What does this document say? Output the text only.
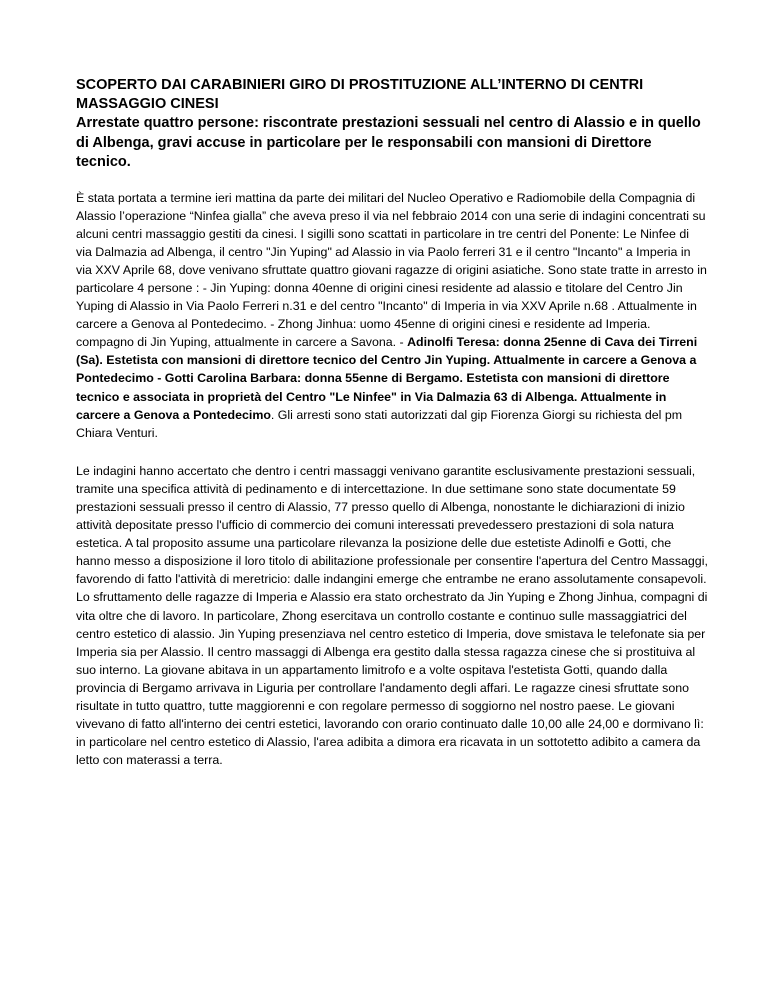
SCOPERTO DAI CARABINIERI GIRO DI PROSTITUZIONE ALL’INTERNO DI CENTRI MASSAGGIO CINESI

Arrestate quattro persone: riscontrate prestazioni sessuali nel centro di Alassio e in quello di Albenga, gravi accuse in particolare per le responsabili con mansioni di Direttore tecnico.

È stata portata a termine ieri mattina da parte dei militari del Nucleo Operativo e Radiomobile della Compagnia di Alassio l’operazione “Ninfea gialla” che aveva preso il via nel febbraio 2014 con una serie di indagini concentrati su alcuni centri massaggio gestiti da cinesi. I sigilli sono scattati in particolare in tre centri del Ponente: Le Ninfee di via Dalmazia ad Albenga, il centro "Jin Yuping" ad Alassio in via Paolo ferreri 31 e il centro "Incanto" a Imperia in via XXV Aprile 68, dove venivano sfruttate quattro giovani ragazze di origini asiatiche. Sono state tratte in arresto in particolare 4 persone : - Jin Yuping: donna 40enne di origini cinesi residente ad alassio e titolare del Centro Jin Yuping di Alassio in Via Paolo Ferreri n.31 e del centro "Incanto" di Imperia in via XXV Aprile n.68 . Attualmente in carcere a Genova al Pontedecimo. - Zhong Jinhua: uomo 45enne di origini cinesi e residente ad Imperia. compagno di Jin Yuping, attualmente in carcere a Savona. - Adinolfi Teresa: donna 25enne di Cava dei Tirreni (Sa). Estetista con mansioni di direttore tecnico del Centro Jin Yuping. Attualmente in carcere a Genova a Pontedecimo - Gotti Carolina Barbara: donna 55enne di Bergamo. Estetista con mansioni di direttore tecnico e associata in proprietà del Centro "Le Ninfee" in Via Dalmazia 63 di Albenga. Attualmente in carcere a Genova a Pontedecimo. Gli arresti sono stati autorizzati dal gip Fiorenza Giorgi su richiesta del pm Chiara Venturi.

Le indagini hanno accertato che dentro i centri massaggi venivano garantite esclusivamente prestazioni sessuali, tramite una specifica attività di pedinamento e di intercettazione. In due settimane sono state documentate 59 prestazioni sessuali presso il centro di Alassio, 77 presso quello di Albenga, nonostante le dichiarazioni di inizio attività depositate presso l'ufficio di commercio dei comuni interessati prevedessero prestazioni di sola natura estetica. A tal proposito assume una particolare rilevanza la posizione delle due estetiste Adinolfi e Gotti, che hanno messo a disposizione il loro titolo di abilitazione professionale per consentire l'apertura del Centro Massaggi, favorendo di fatto l'attività di meretricio: dalle indangini emerge che entrambe ne erano assolutamente consapevoli. Lo sfruttamento delle ragazze di Imperia e Alassio era stato orchestrato da Jin Yuping e Zhong Jinhua, compagni di vita oltre che di lavoro. In particolare, Zhong esercitava un controllo costante e continuo sulle massaggiatrici del centro estetico di alassio. Jin Yuping presenziava nel centro estetico di Imperia, dove smistava le telefonate sia per Imperia sia per Alassio. Il centro massaggi di Albenga era gestito dalla stessa ragazza cinese che si prostituiva al suo interno. La giovane abitava in un appartamento limitrofo e a volte ospitava l'estetista Gotti, quando dalla provincia di Bergamo arrivava in Liguria per controllare l'andamento degli affari. Le ragazze cinesi sfruttate sono risultate in tutto quattro, tutte maggiorenni e con regolare permesso di soggiorno nel nostro paese. Le giovani vivevano di fatto all'interno dei centri estetici, lavorando con orario continuato dalle 10,00 alle 24,00 e dormivano lì: in particolare nel centro estetico di Alassio, l'area adibita a dimora era ricavata in un sottotetto adibito a camera da letto con materassi a terra.
